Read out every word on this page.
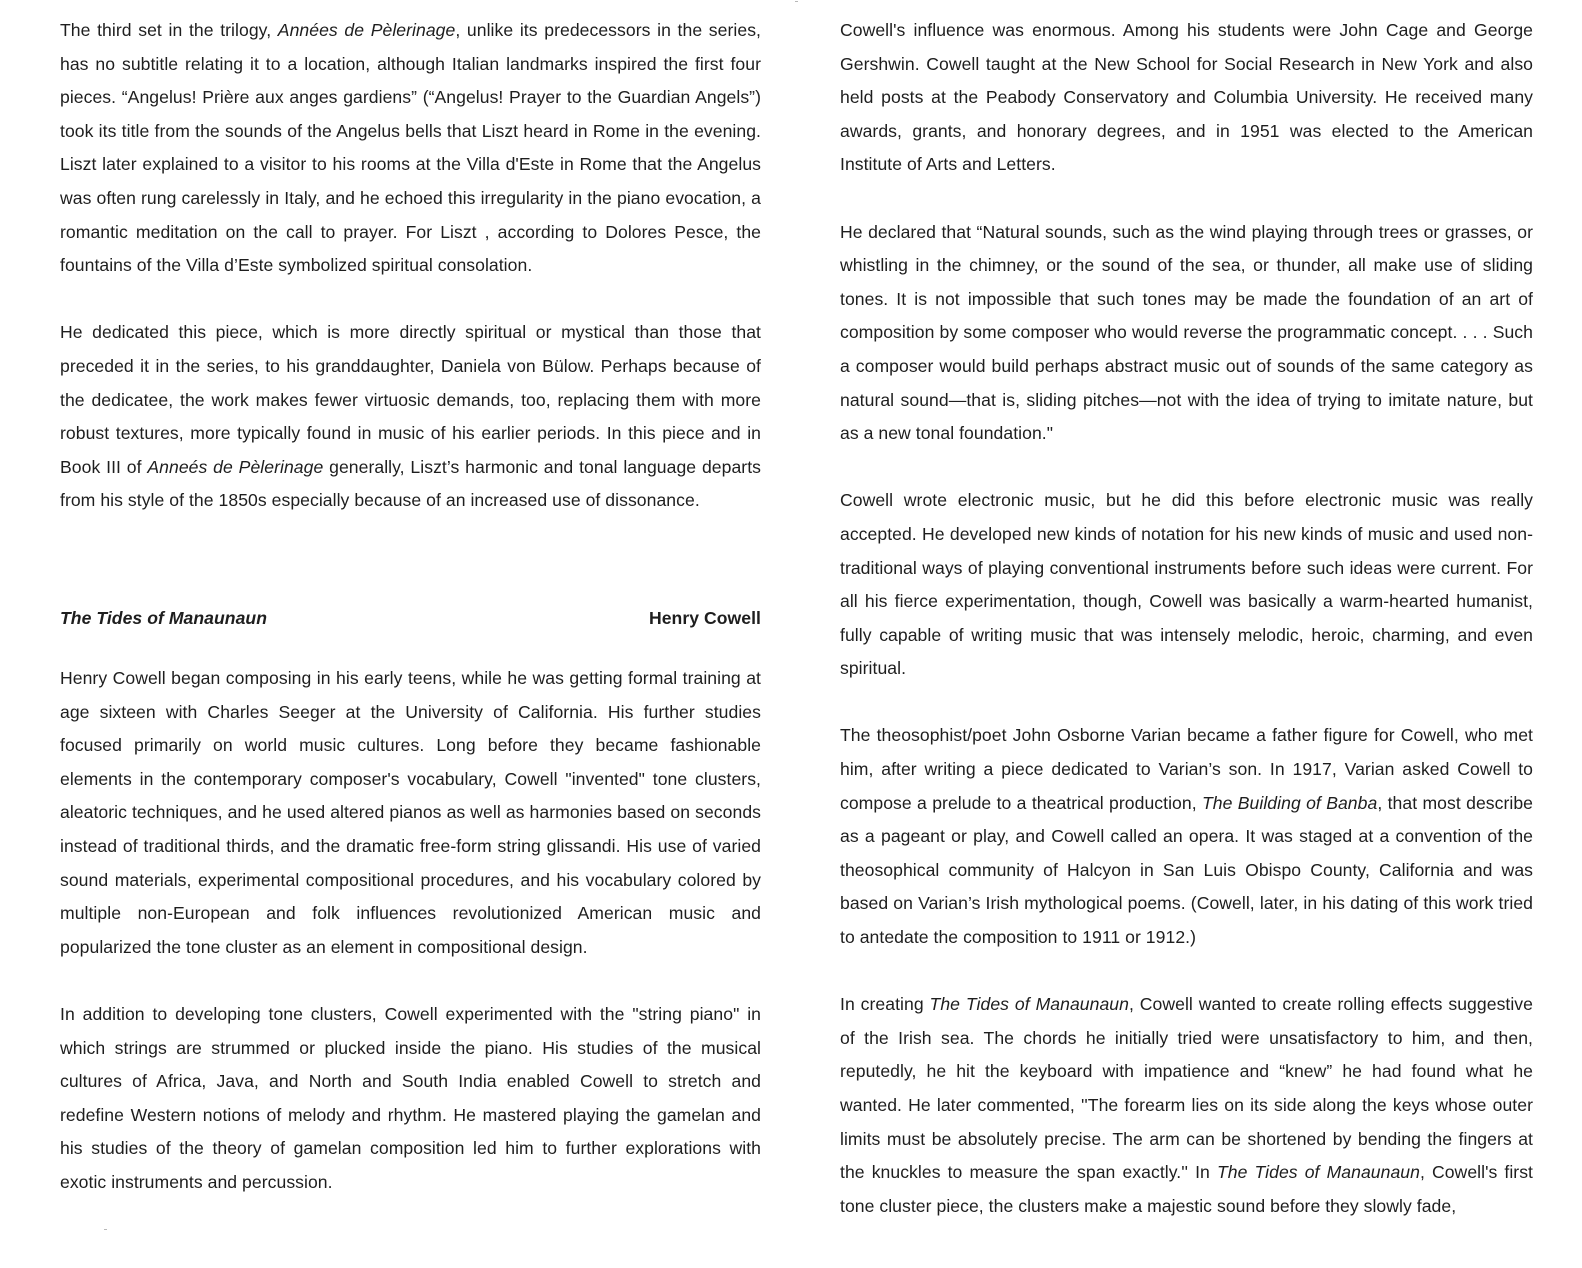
The third set in the trilogy, Années de Pèlerinage, unlike its predecessors in the series, has no subtitle relating it to a location, although Italian landmarks inspired the first four pieces. “Angelus! Prière aux anges gardiens” (“Angelus! Prayer to the Guardian Angels”) took its title from the sounds of the Angelus bells that Liszt heard in Rome in the evening. Liszt later explained to a visitor to his rooms at the Villa d'Este in Rome that the Angelus was often rung carelessly in Italy, and he echoed this irregularity in the piano evocation, a romantic meditation on the call to prayer. For Liszt , according to Dolores Pesce, the fountains of the Villa d’Este symbolized spiritual consolation.

He dedicated this piece, which is more directly spiritual or mystical than those that preceded it in the series, to his granddaughter, Daniela von Bülow. Perhaps because of the dedicatee, the work makes fewer virtuosic demands, too, replacing them with more robust textures, more typically found in music of his earlier periods. In this piece and in Book III of Anneés de Pèlerinage generally, Liszt’s harmonic and tonal language departs from his style of the 1850s especially because of an increased use of dissonance.

The Tides of Manaunaun	Henry Cowell

Henry Cowell began composing in his early teens, while he was getting formal training at age sixteen with Charles Seeger at the University of California. His further studies focused primarily on world music cultures. Long before they became fashionable elements in the contemporary composer's vocabulary, Cowell "invented" tone clusters, aleatoric techniques, and he used altered pianos as well as harmonies based on seconds instead of traditional thirds, and the dramatic free-form string glissandi. His use of varied sound materials, experimental compositional procedures, and his vocabulary colored by multiple non-European and folk influences revolutionized American music and popularized the tone cluster as an element in compositional design.

In addition to developing tone clusters, Cowell experimented with the "string piano" in which strings are strummed or plucked inside the piano. His studies of the musical cultures of Africa, Java, and North and South India enabled Cowell to stretch and redefine Western notions of melody and rhythm. He mastered playing the gamelan and his studies of the theory of gamelan composition led him to further explorations with exotic instruments and percussion.

Cowell's influence was enormous. Among his students were John Cage and George Gershwin. Cowell taught at the New School for Social Research in New York and also held posts at the Peabody Conservatory and Columbia University. He received many awards, grants, and honorary degrees, and in 1951 was elected to the American Institute of Arts and Letters.

He declared that “Natural sounds, such as the wind playing through trees or grasses, or whistling in the chimney, or the sound of the sea, or thunder, all make use of sliding tones. It is not impossible that such tones may be made the foundation of an art of composition by some composer who would reverse the programmatic concept. . . . Such a composer would build perhaps abstract music out of sounds of the same category as natural sound—that is, sliding pitches—not with the idea of trying to imitate nature, but as a new tonal foundation."

Cowell wrote electronic music, but he did this before electronic music was really accepted. He developed new kinds of notation for his new kinds of music and used non-traditional ways of playing conventional instruments before such ideas were current. For all his fierce experimentation, though, Cowell was basically a warm-hearted humanist, fully capable of writing music that was intensely melodic, heroic, charming, and even spiritual.

The theosophist/poet John Osborne Varian became a father figure for Cowell, who met him, after writing a piece dedicated to Varian’s son. In 1917, Varian asked Cowell to compose a prelude to a theatrical production, The Building of Banba, that most describe as a pageant or play, and Cowell called an opera. It was staged at a convention of the theosophical community of Halcyon in San Luis Obispo County, California and was based on Varian’s Irish mythological poems. (Cowell, later, in his dating of this work tried to antedate the composition to 1911 or 1912.)

In creating The Tides of Manaunaun, Cowell wanted to create rolling effects suggestive of the Irish sea. The chords he initially tried were unsatisfactory to him, and then, reputedly, he hit the keyboard with impatience and “knew” he had found what he wanted. He later commented, ''The forearm lies on its side along the keys whose outer limits must be absolutely precise. The arm can be shortened by bending the fingers at the knuckles to measure the span exactly.'' In The Tides of Manaunaun, Cowell's first tone cluster piece, the clusters make a majestic sound before they slowly fade,
